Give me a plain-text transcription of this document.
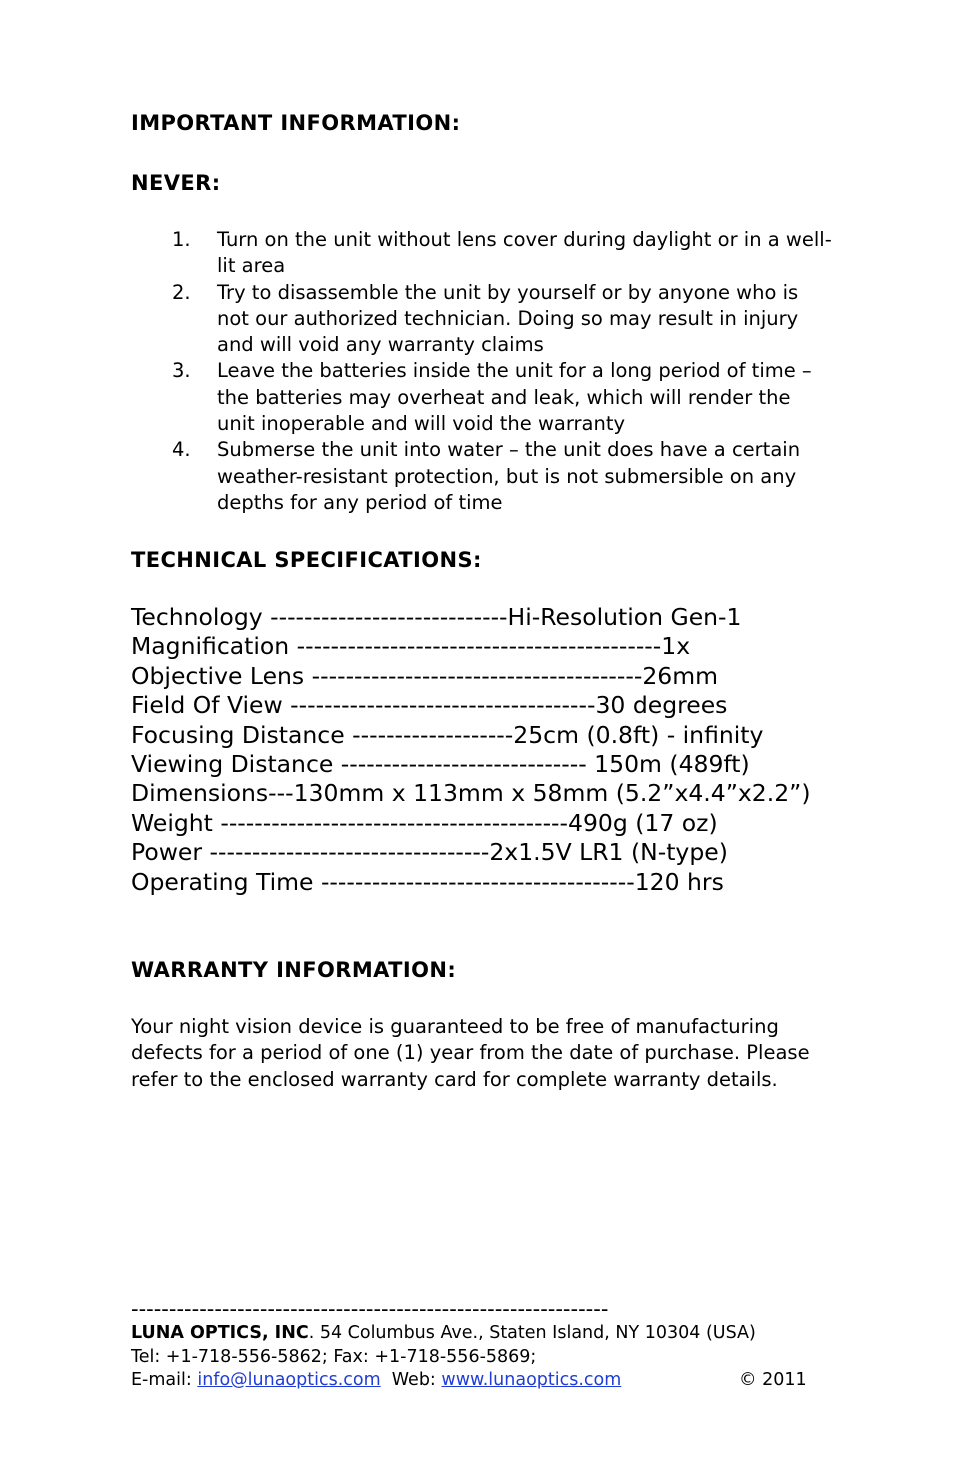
IMPORTANT INFORMATION:
NEVER:
1. Turn on the unit without lens cover during daylight or in a well-lit area
2. Try to disassemble the unit by yourself or by anyone who is not our authorized technician. Doing so may result in injury and will void any warranty claims
3. Leave the batteries inside the unit for a long period of time – the batteries may overheat and leak, which will render the unit inoperable and will void the warranty
4. Submerse the unit into water – the unit does have a certain weather-resistant protection, but is not submersible on any depths for any period of time
TECHNICAL SPECIFICATIONS:
Technology ----------------------------Hi-Resolution Gen-1
Magnification -------------------------------------------1x
Objective Lens ---------------------------------------26mm
Field Of View ------------------------------------30 degrees
Focusing Distance -------------------25cm (0.8ft) - infinity
Viewing Distance ----------------------------- 150m (489ft)
Dimensions---130mm x 113mm x 58mm (5.2”x4.4”x2.2”)
Weight -----------------------------------------490g (17 oz)
Power ---------------------------------2x1.5V LR1 (N-type)
Operating Time -------------------------------------120 hrs
WARRANTY INFORMATION:

Your night vision device is guaranteed to be free of manufacturing defects for a period of one (1) year from the date of purchase. Please refer to the enclosed warranty card for complete warranty details.

---------------------------------------------------------------
LUNA OPTICS, INC. 54 Columbus Ave., Staten Island, NY 10304 (USA)
Tel: +1-718-556-5862; Fax: +1-718-556-5869;
E-mail: info@lunaoptics.com Web: www.lunaoptics.com	© 2011
